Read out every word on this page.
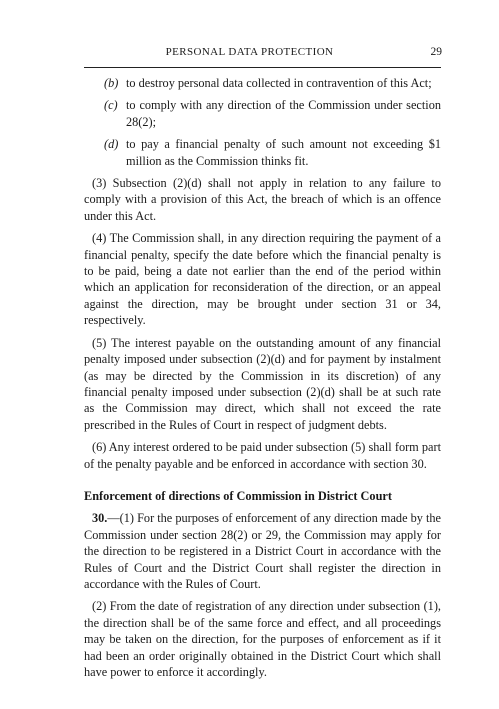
PERSONAL DATA PROTECTION	29
(b) to destroy personal data collected in contravention of this Act;
(c) to comply with any direction of the Commission under section 28(2);
(d) to pay a financial penalty of such amount not exceeding $1 million as the Commission thinks fit.

(3) Subsection (2)(d) shall not apply in relation to any failure to comply with a provision of this Act, the breach of which is an offence under this Act.

(4) The Commission shall, in any direction requiring the payment of a financial penalty, specify the date before which the financial penalty is to be paid, being a date not earlier than the end of the period within which an application for reconsideration of the direction, or an appeal against the direction, may be brought under section 31 or 34, respectively.

(5) The interest payable on the outstanding amount of any financial penalty imposed under subsection (2)(d) and for payment by instalment (as may be directed by the Commission in its discretion) of any financial penalty imposed under subsection (2)(d) shall be at such rate as the Commission may direct, which shall not exceed the rate prescribed in the Rules of Court in respect of judgment debts.

(6) Any interest ordered to be paid under subsection (5) shall form part of the penalty payable and be enforced in accordance with section 30.

Enforcement of directions of Commission in District Court

30.—(1) For the purposes of enforcement of any direction made by the Commission under section 28(2) or 29, the Commission may apply for the direction to be registered in a District Court in accordance with the Rules of Court and the District Court shall register the direction in accordance with the Rules of Court.

(2) From the date of registration of any direction under subsection (1), the direction shall be of the same force and effect, and all proceedings may be taken on the direction, for the purposes of enforcement as if it had been an order originally obtained in the District Court which shall have power to enforce it accordingly.
